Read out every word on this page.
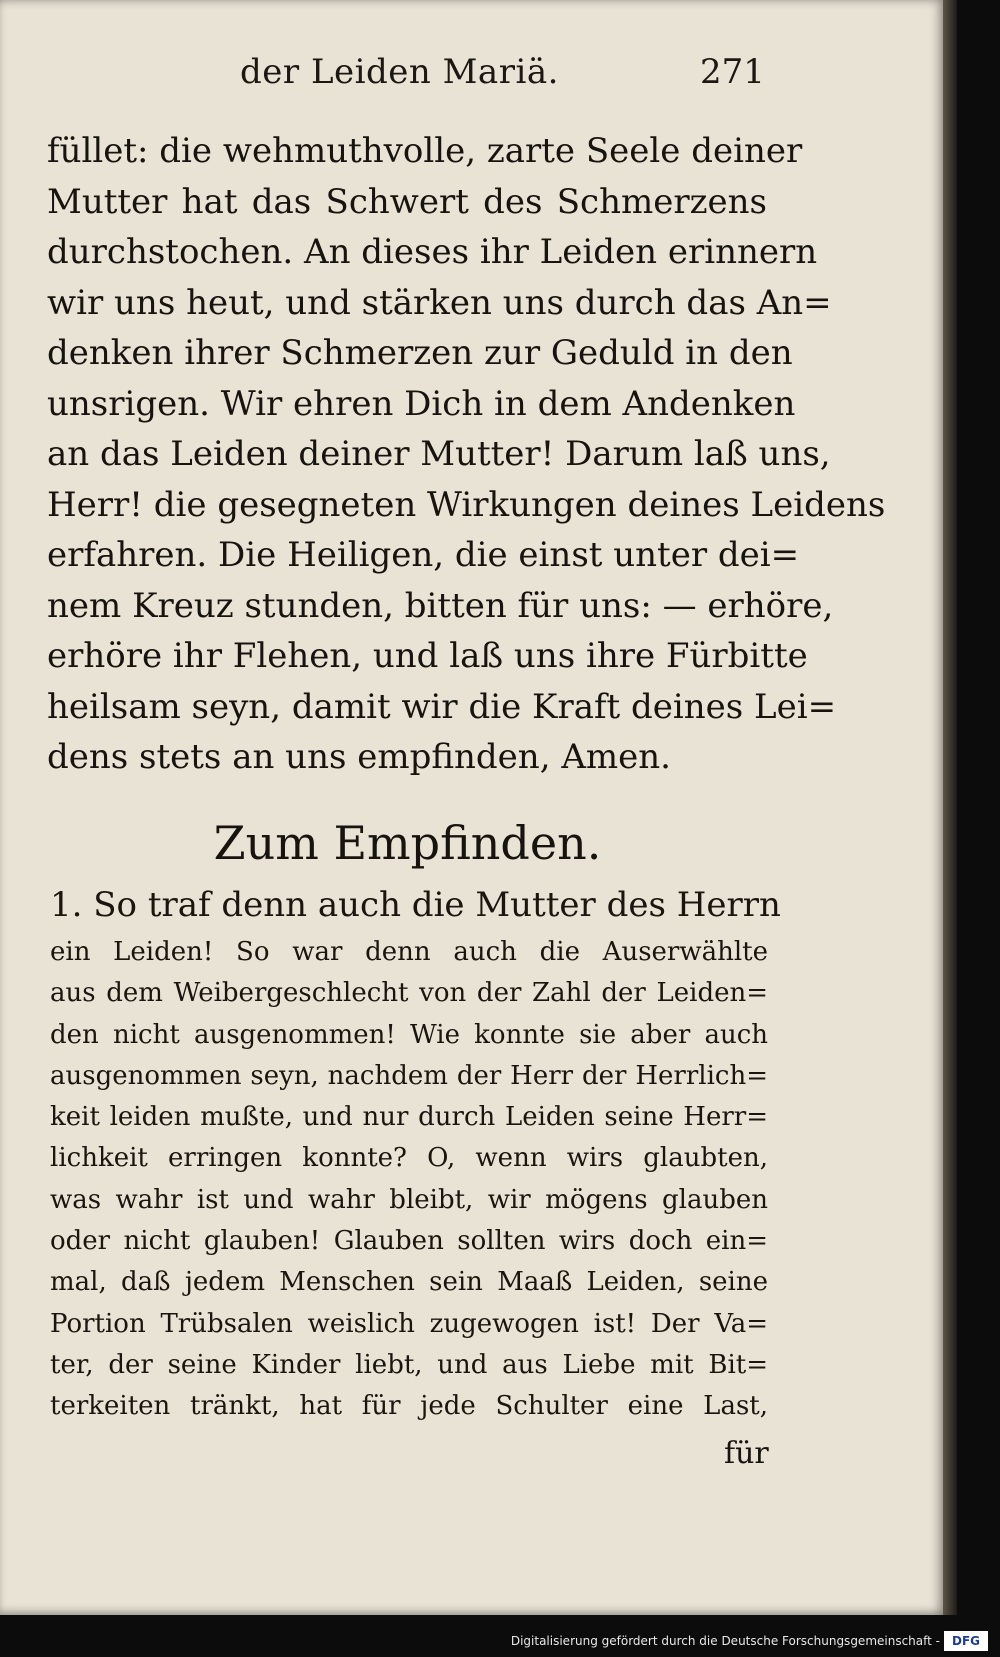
der Leiden Mariä.	271
füllet: die wehmuthvolle, zarte Seele deiner
Mutter hat das Schwert des Schmerzens
durchstochen. An dieses ihr Leiden erinnern
wir uns heut, und stärken uns durch das An=
denken ihrer Schmerzen zur Geduld in den
unsrigen. Wir ehren Dich in dem Andenken
an das Leiden deiner Mutter! Darum laß uns,
Herr! die gesegneten Wirkungen deines Leidens
erfahren. Die Heiligen, die einst unter dei=
nem Kreuz stunden, bitten für uns: — erhöre,
erhöre ihr Flehen, und laß uns ihre Fürbitte
heilsam seyn, damit wir die Kraft deines Lei=
dens stets an uns empfinden, Amen.
Zum Empfinden.
1. So traf denn auch die Mutter des Herrn
ein Leiden! So war denn auch die Auserwählte
aus dem Weibergeschlecht von der Zahl der Leiden=
den nicht ausgenommen! Wie konnte sie aber auch
ausgenommen seyn, nachdem der Herr der Herrlich=
keit leiden mußte, und nur durch Leiden seine Herr=
lichkeit erringen konnte? O, wenn wirs glaubten,
was wahr ist und wahr bleibt, wir mögens glauben
oder nicht glauben! Glauben sollten wirs doch ein=
mal, daß jedem Menschen sein Maaß Leiden, seine
Portion Trübsalen weislich zugewogen ist! Der Va=
ter, der seine Kinder liebt, und aus Liebe mit Bit=
terkeiten tränkt, hat für jede Schulter eine Last,
für
Digitalisierung gefördert durch die Deutsche Forschungsgemeinschaft - DFG
